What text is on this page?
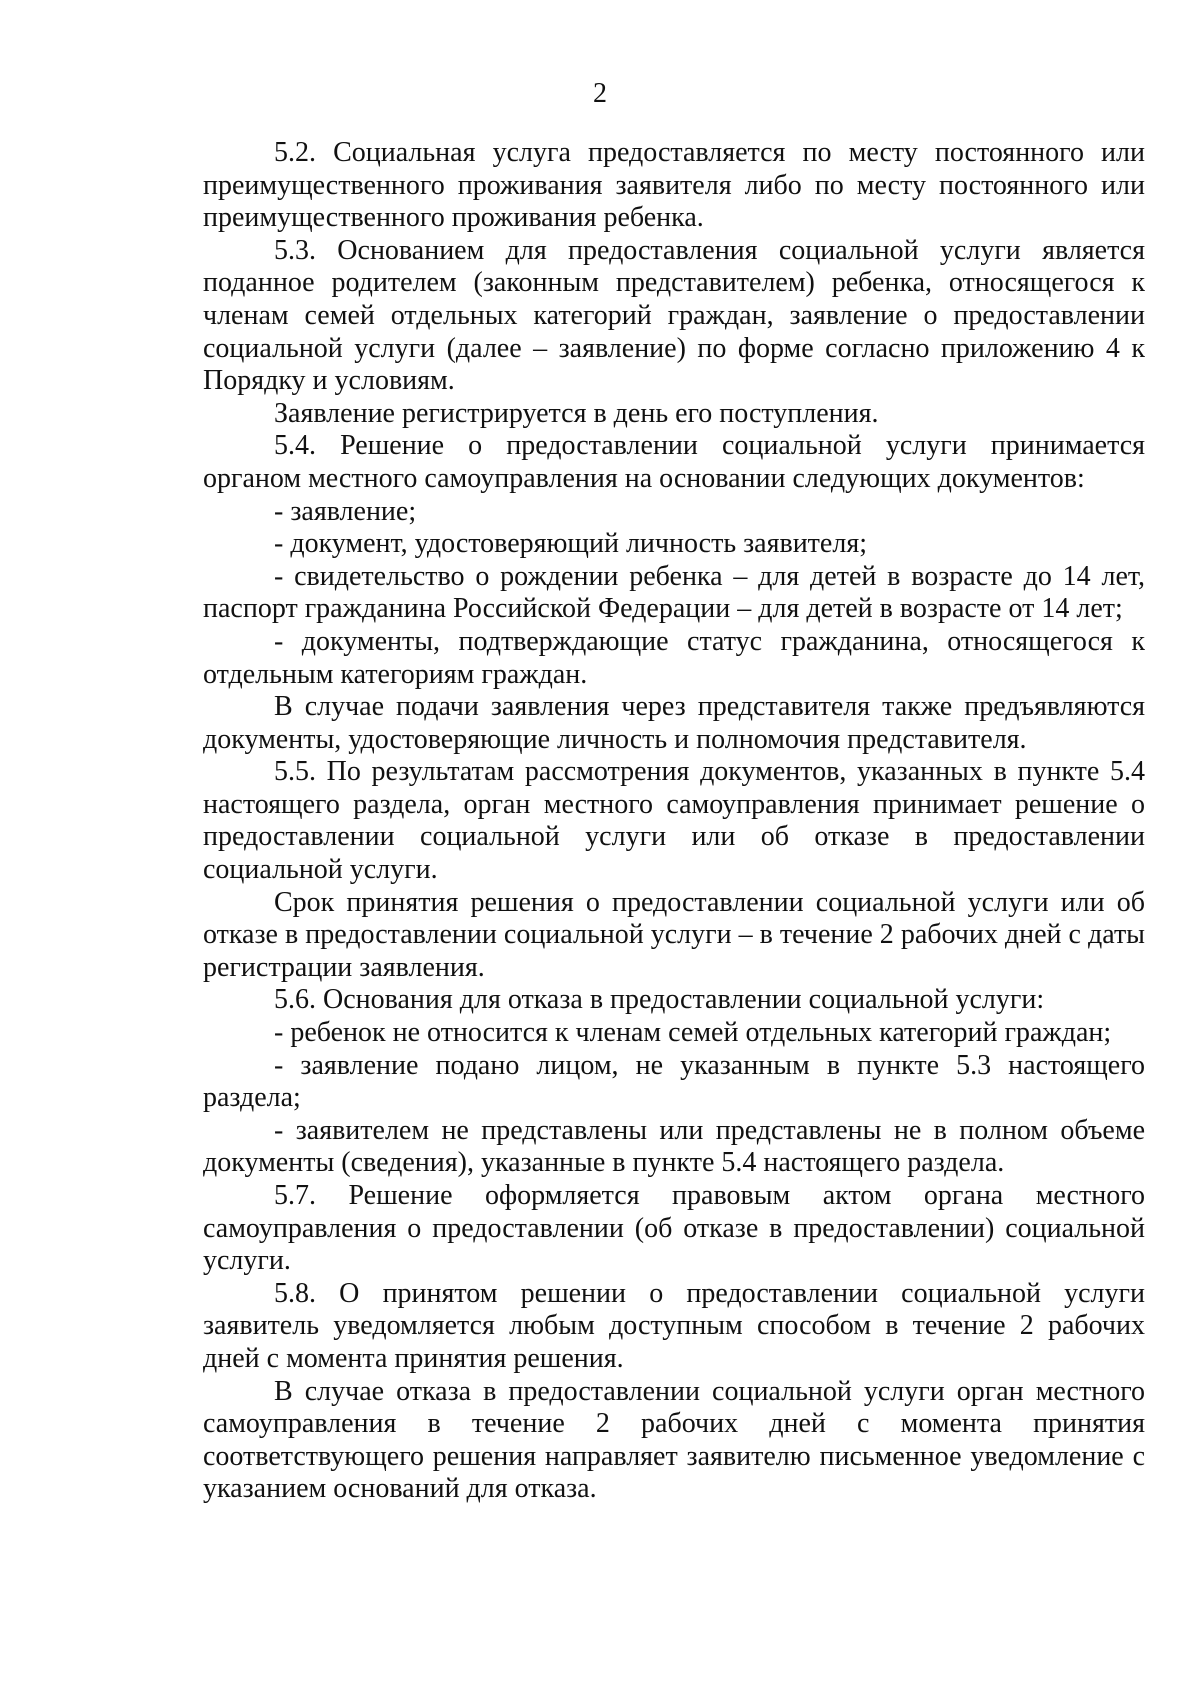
2

5.2. Социальная услуга предоставляется по месту постоянного или преимущественного проживания заявителя либо по месту постоянного или преимущественного проживания ребенка.

5.3. Основанием для предоставления социальной услуги является поданное родителем (законным представителем) ребенка, относящегося к членам семей отдельных категорий граждан, заявление о предоставлении социальной услуги (далее – заявление) по форме согласно приложению 4 к Порядку и условиям.

Заявление регистрируется в день его поступления.

5.4. Решение о предоставлении социальной услуги принимается органом местного самоуправления на основании следующих документов:

- заявление;

- документ, удостоверяющий личность заявителя;

- свидетельство о рождении ребенка – для детей в возрасте до 14 лет, паспорт гражданина Российской Федерации – для детей в возрасте от 14 лет;

- документы, подтверждающие статус гражданина, относящегося к отдельным категориям граждан.

В случае подачи заявления через представителя также предъявляются документы, удостоверяющие личность и полномочия представителя.

5.5. По результатам рассмотрения документов, указанных в пункте 5.4 настоящего раздела, орган местного самоуправления принимает решение о предоставлении социальной услуги или об отказе в предоставлении социальной услуги.

Срок принятия решения о предоставлении социальной услуги или об отказе в предоставлении социальной услуги – в течение 2 рабочих дней с даты регистрации заявления.

5.6. Основания для отказа в предоставлении социальной услуги:

- ребенок не относится к членам семей отдельных категорий граждан;

- заявление подано лицом, не указанным в пункте 5.3 настоящего раздела;

- заявителем не представлены или представлены не в полном объеме документы (сведения), указанные в пункте 5.4 настоящего раздела.

5.7. Решение оформляется правовым актом органа местного самоуправления о предоставлении (об отказе в предоставлении) социальной услуги.

5.8. О принятом решении о предоставлении социальной услуги заявитель уведомляется любым доступным способом в течение 2 рабочих дней с момента принятия решения.

В случае отказа в предоставлении социальной услуги орган местного самоуправления в течение 2 рабочих дней с момента принятия соответствующего решения направляет заявителю письменное уведомление с указанием оснований для отказа.
